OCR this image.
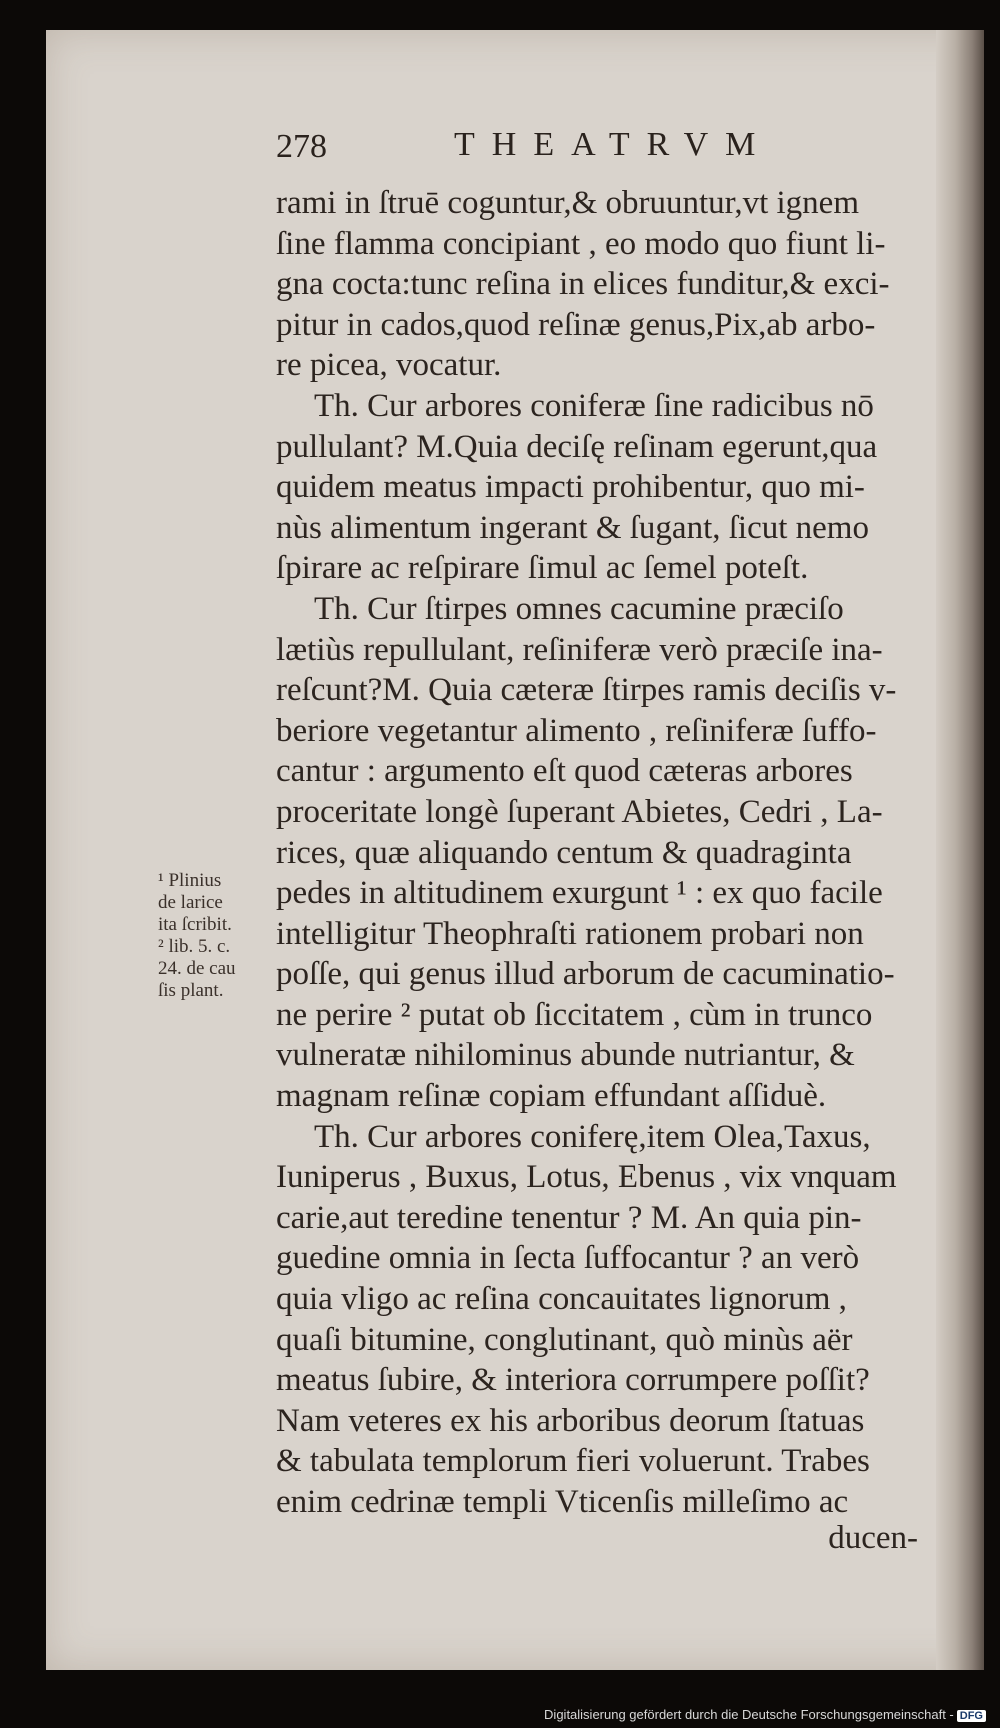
278	THEATRVM
rami in ſtruē coguntur,& obruuntur,vt ignem
ſine flamma concipiant , eo modo quo fiunt li-
gna cocta:tunc reſina in elices funditur,& exci-
pitur in cados,quod reſinæ genus,Pix,ab arbo-
re picea, vocatur.
Th. Cur arbores coniferæ ſine radicibus nō
pullulant? M.Quia deciſę reſinam egerunt,qua
quidem meatus impacti prohibentur, quo mi-
nùs alimentum ingerant & ſugant, ſicut nemo
ſpirare ac reſpirare ſimul ac ſemel poteſt.
Th. Cur ſtirpes omnes cacumine præciſo
lætiùs repullulant, reſiniferæ verò præciſe ina-
reſcunt?M. Quia cæteræ ſtirpes ramis deciſis v-
beriore vegetantur alimento , reſiniferæ ſuffo-
cantur : argumento eſt quod cæteras arbores
proceritate longè ſuperant Abietes, Cedri , La-
rices, quæ aliquando centum & quadraginta
pedes in altitudinem exurgunt ¹ : ex quo facile
intelligitur Theophraſti rationem probari non
poſſe, qui genus illud arborum de cacuminatio-
ne perire ² putat ob ſiccitatem , cùm in trunco
vulneratæ nihilominus abunde nutriantur, &
magnam reſinæ copiam effundant aſſiduè.
Th. Cur arbores coniferę,item Olea,Taxus,
Iuniperus , Buxus, Lotus, Ebenus , vix vnquam
carie,aut teredine tenentur ? M. An quia pin-
guedine omnia in ſecta ſuffocantur ? an verò
quia vligo ac reſina concauitates lignorum ,
quaſi bitumine, conglutinant, quò minùs aër
meatus ſubire, & interiora corrumpere poſſit?
Nam veteres ex his arboribus deorum ſtatuas
& tabulata templorum fieri voluerunt. Trabes
enim cedrinæ templi Vticenſis milleſimo ac
ducen-
¹ Plinius
de larice
ita ſcribit.
² lib. 5. c.
24. de cau
ſis plant.
Digitalisierung gefördert durch die Deutsche Forschungsgemeinschaft - DFG
